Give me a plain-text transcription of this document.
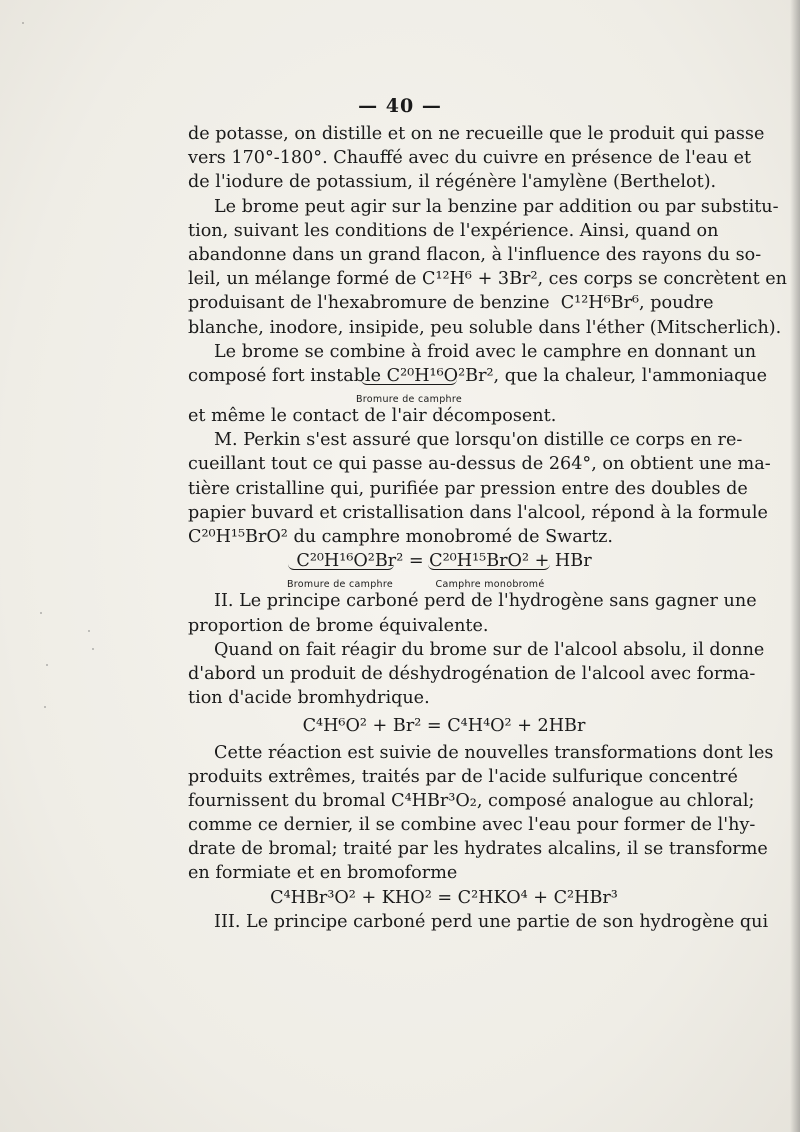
— 40 —
de potasse, on distille et on ne recueille que le produit qui passe
vers 170°-180°. Chauffé avec du cuivre en présence de l'eau et
de l'iodure de potassium, il régénère l'amylène (Berthelot).
Le brome peut agir sur la benzine par addition ou par substitu-
tion, suivant les conditions de l'expérience. Ainsi, quand on
abandonne dans un grand flacon, à l'influence des rayons du so-
leil, un mélange formé de C¹²H⁶ + 3Br², ces corps se concrètent en
produisant de l'hexabromure de benzine C¹²H⁶Br⁶, poudre
blanche, inodore, insipide, peu soluble dans l'éther (Mitscherlich).
Le brome se combine à froid avec le camphre en donnant un
composé fort instable
C²⁰H¹⁶O²Br² , que la chaleur, l'ammoniaque
Bromure de camphre
et même le contact de l'air décomposent.
M. Perkin s'est assuré que lorsqu'on distille ce corps en re-
cueillant tout ce qui passe au-dessus de 264°, on obtient une ma-
tière cristalline qui, purifiée par pression entre des doubles de
papier buvard et cristallisation dans l'alcool, répond à la formule
C²⁰H¹⁵BrO²
du camphre monobromé de Swartz.
C²⁰H¹⁶O²Br² = C²⁰H¹⁵BrO² + HBr
Bromure de camphre	Camphre monobromé
II. Le principe carboné perd de l'hydrogène sans gagner une
proportion de brome équivalente.
Quand on fait réagir du brome sur de l'alcool absolu, il donne
d'abord un produit de déshydrogénation de l'alcool avec forma-
tion d'acide bromhydrique.
C⁴H⁶O² + Br² = C⁴H⁴O² + 2HBr
Cette réaction est suivie de nouvelles transformations dont les
produits extrêmes, traités par de l'acide sulfurique concentré
fournissent du bromal C⁴HBr³O₂, composé analogue au chloral;
comme ce dernier, il se combine avec l'eau pour former de l'hy-
drate de bromal; traité par les hydrates alcalins, il se transforme
en formiate et en bromoforme
C⁴HBr³O² + KHO² = C²HKO⁴ + C²HBr³
III. Le principe carboné perd une partie de son hydrogène qui
